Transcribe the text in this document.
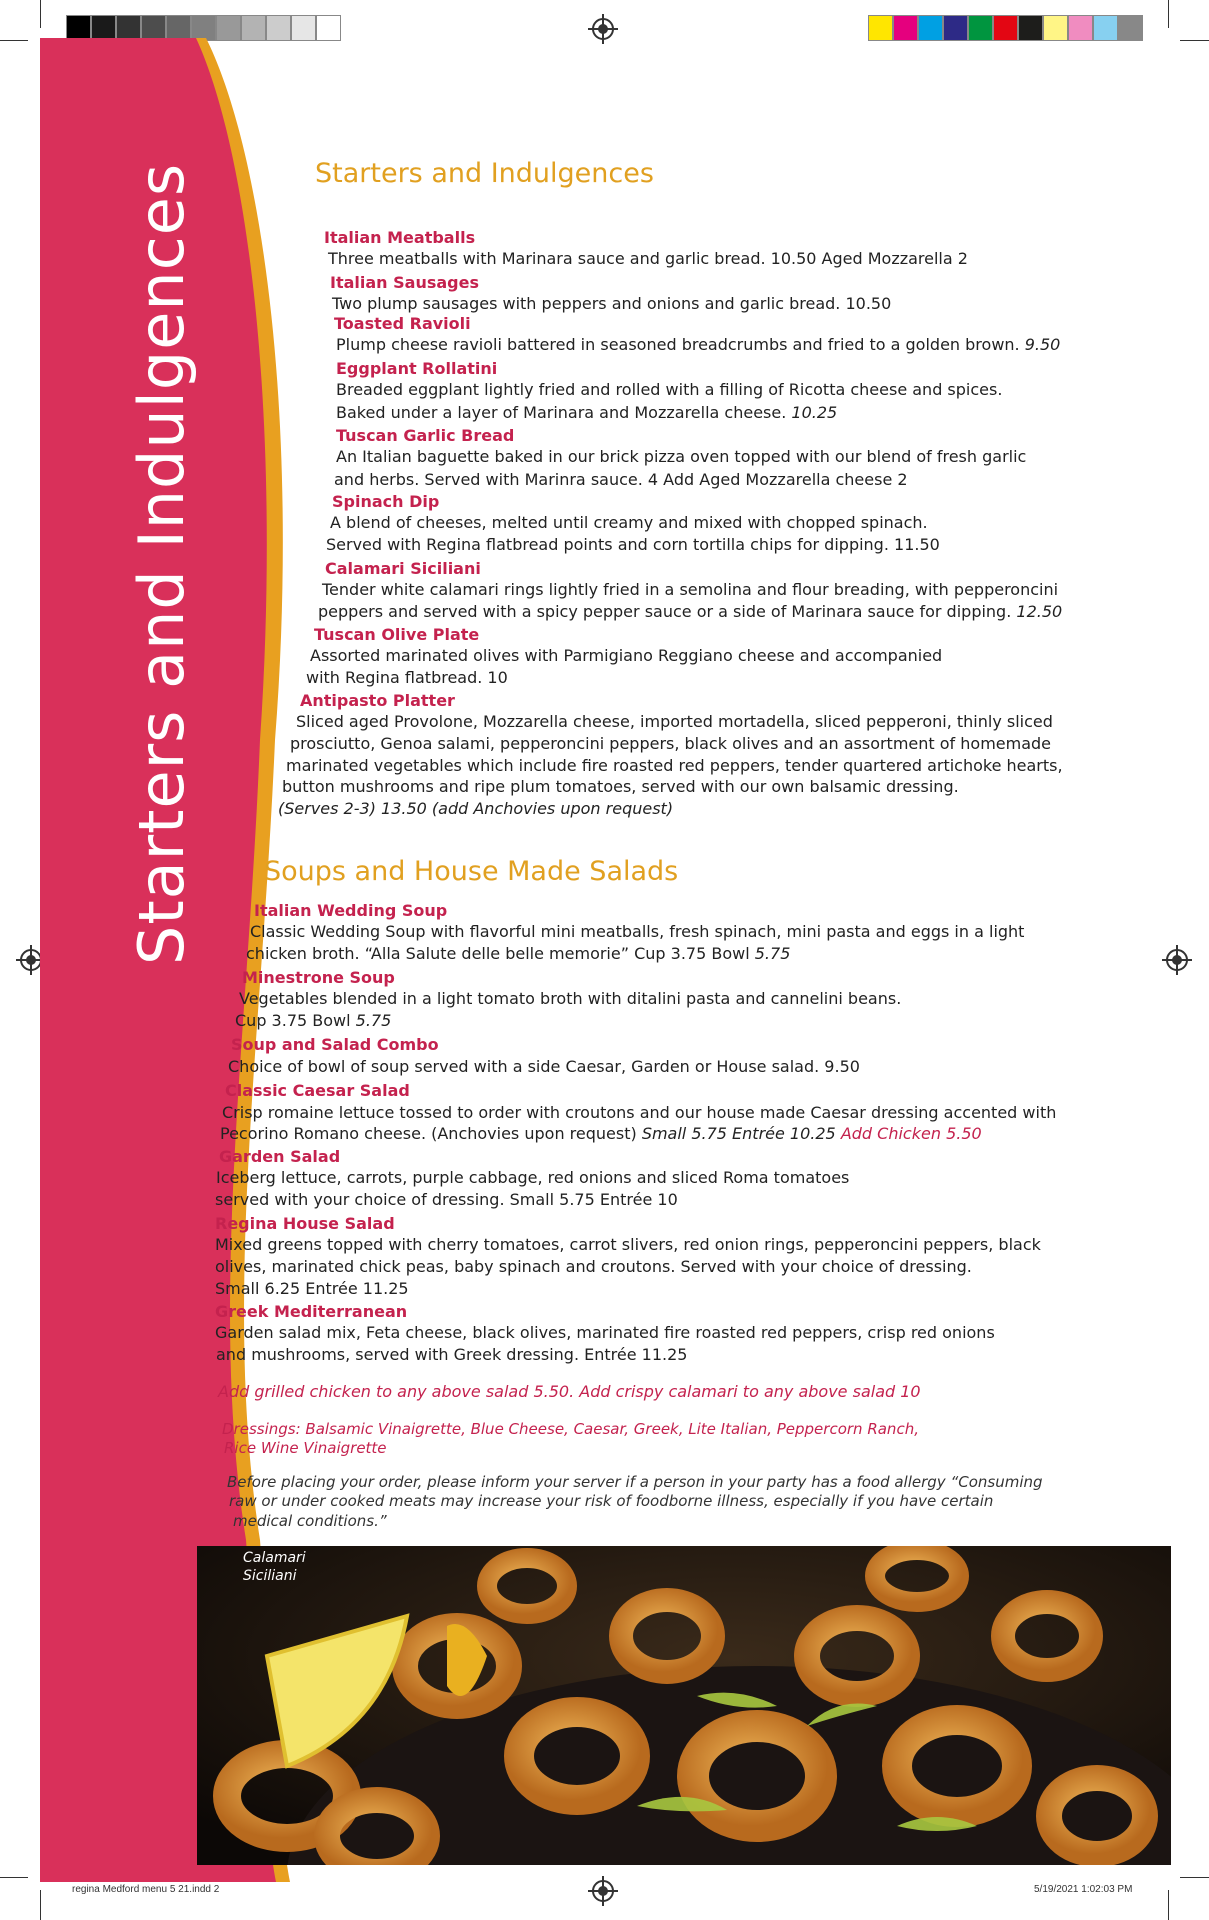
Starters and Indulgences	Starters and Indulgences
Italian Meatballs
Three meatballs with Marinara sauce and garlic bread. 10.50 Aged Mozzarella 2
Italian Sausages
Two plump sausages with peppers and onions and garlic bread. 10.50
Toasted Ravioli
Plump cheese ravioli battered in seasoned breadcrumbs and fried to a golden brown. 9.50
Eggplant Rollatini
Breaded eggplant lightly fried and rolled with a filling of Ricotta cheese and spices.
Baked under a layer of Marinara and Mozzarella cheese. 10.25
Tuscan Garlic Bread
An Italian baguette baked in our brick pizza oven topped with our blend of fresh garlic
and herbs. Served with Marinra sauce. 4 Add Aged Mozzarella cheese 2
Spinach Dip
A blend of cheeses, melted until creamy and mixed with chopped spinach.
Served with Regina flatbread points and corn tortilla chips for dipping. 11.50
Calamari Siciliani
Tender white calamari rings lightly fried in a semolina and flour breading, with pepperoncini
peppers and served with a spicy pepper sauce or a side of Marinara sauce for dipping. 12.50
Tuscan Olive Plate
Assorted marinated olives with Parmigiano Reggiano cheese and accompanied
with Regina flatbread. 10
Antipasto Platter
Sliced aged Provolone, Mozzarella cheese, imported mortadella, sliced pepperoni, thinly sliced
prosciutto, Genoa salami, pepperoncini peppers, black olives and an assortment of homemade
marinated vegetables which include fire roasted red peppers, tender quartered artichoke hearts,
button mushrooms and ripe plum tomatoes, served with our own balsamic dressing.
(Serves 2-3) 13.50 (add Anchovies upon request)
Soups and House Made Salads
Italian Wedding Soup
Classic Wedding Soup with flavorful mini meatballs, fresh spinach, mini pasta and eggs in a light
chicken broth. “Alla Salute delle belle memorie” Cup 3.75 Bowl 5.75
Minestrone Soup
Vegetables blended in a light tomato broth with ditalini pasta and cannelini beans.
Cup 3.75 Bowl 5.75
Soup and Salad Combo
Choice of bowl of soup served with a side Caesar, Garden or House salad. 9.50
Classic Caesar Salad
Crisp romaine lettuce tossed to order with croutons and our house made Caesar dressing accented with
Pecorino Romano cheese. (Anchovies upon request) Small 5.75 Entrée 10.25 Add Chicken 5.50
Garden Salad
Iceberg lettuce, carrots, purple cabbage, red onions and sliced Roma tomatoes
served with your choice of dressing. Small 5.75 Entrée 10
Regina House Salad
Mixed greens topped with cherry tomatoes, carrot slivers, red onion rings, pepperoncini peppers, black
olives, marinated chick peas, baby spinach and croutons. Served with your choice of dressing.
Small 6.25 Entrée 11.25
Greek Mediterranean
Garden salad mix, Feta cheese, black olives, marinated fire roasted red peppers, crisp red onions
and mushrooms, served with Greek dressing. Entrée 11.25
Add grilled chicken to any above salad 5.50. Add crispy calamari to any above salad 10
Dressings: Balsamic Vinaigrette, Blue Cheese, Caesar, Greek, Lite Italian, Peppercorn Ranch,
Rice Wine Vinaigrette
Before placing your order, please inform your server if a person in your party has a food allergy “Consuming
raw or under cooked meats may increase your risk of foodborne illness, especially if you have certain
medical conditions.”
Calamari
Siciliani
regina Medford menu 5 21.indd 2	5/19/2021 1:02:03 PM
